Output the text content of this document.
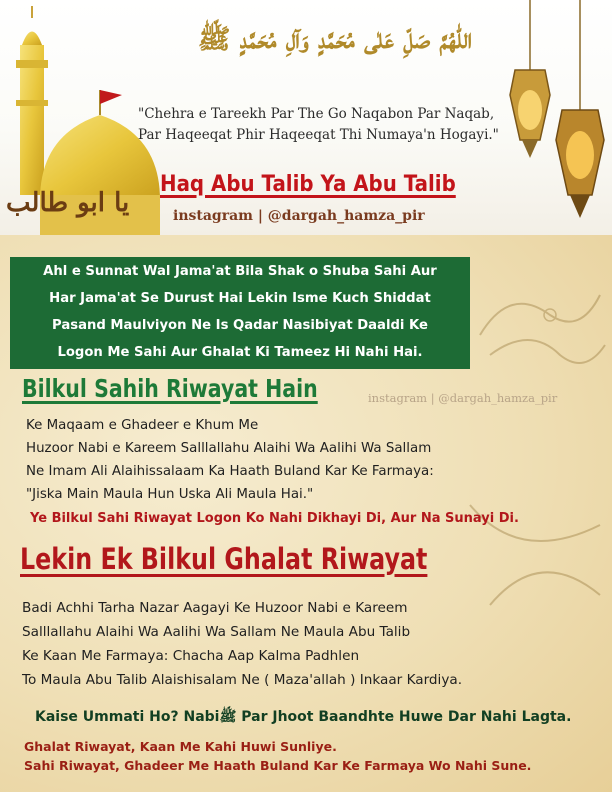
اللّٰھُمَّ صَلِّ عَلٰی مُحَمَّدٍ وَآلِ مُحَمَّدٍ ﷺ
"Chehra e Tareekh Par The Go Naqabon Par Naqab,
Par Haqeeqat Phir Haqeeqat Thi Numaya'n Hogayi."
Haq Abu Talib Ya Abu Talib
instagram | @dargah_hamza_pir
یا ابو طالب
Ahl e Sunnat Wal Jama'at Bila Shak o Shuba Sahi Aur
Har Jama'at Se Durust Hai Lekin Isme Kuch Shiddat
Pasand Maulviyon Ne Is Qadar Nasibiyat Daaldi Ke
Logon Me Sahi Aur Ghalat Ki Tameez Hi Nahi Hai.
Bilkul Sahih Riwayat Hain	instagram | @dargah_hamza_pir
Ke Maqaam e Ghadeer e Khum Me
Huzoor Nabi e Kareem Salllallahu Alaihi Wa Aalihi Wa Sallam
Ne Imam Ali Alaihissalaam Ka Haath Buland Kar Ke Farmaya:
"Jiska Main Maula Hun Uska Ali Maula Hai."
Ye Bilkul Sahi Riwayat Logon Ko Nahi Dikhayi Di, Aur Na Sunayi Di.
Lekin Ek Bilkul Ghalat Riwayat
Badi Achhi Tarha Nazar Aagayi Ke Huzoor Nabi e Kareem
Salllallahu Alaihi Wa Aalihi Wa Sallam Ne Maula Abu Talib
Ke Kaan Me Farmaya: Chacha Aap Kalma Padhlen
To Maula Abu Talib Alaishisalam Ne ( Maza'allah ) Inkaar Kardiya.
Kaise Ummati Ho? Nabiﷺ Par Jhoot Baandhte Huwe Dar Nahi Lagta.
Ghalat Riwayat, Kaan Me Kahi Huwi Sunliye.
Sahi Riwayat, Ghadeer Me Haath Buland Kar Ke Farmaya Wo Nahi Sune.
